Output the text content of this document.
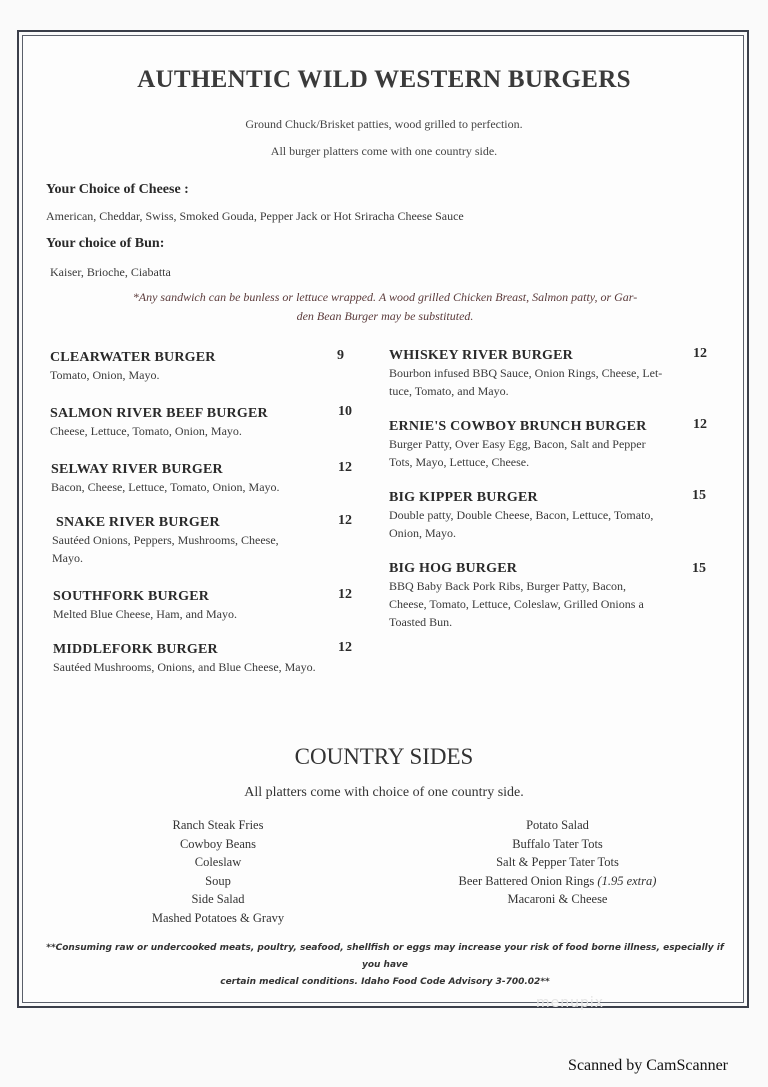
AUTHENTIC WILD WESTERN BURGERS
Ground Chuck/Brisket patties, wood grilled to perfection.
All burger platters come with one country side.
Your Choice of Cheese :
American, Cheddar, Swiss, Smoked Gouda, Pepper Jack or Hot Sriracha Cheese Sauce
Your choice of Bun:
Kaiser, Brioche, Ciabatta
*Any sandwich can be bunless or lettuce wrapped. A wood grilled Chicken Breast, Salmon patty, or Gar-
den Bean Burger may be substituted.
CLEARWATER BURGER	9
Tomato, Onion, Mayo.
SALMON RIVER BEEF BURGER	10
Cheese, Lettuce, Tomato, Onion, Mayo.
SELWAY RIVER BURGER	12
Bacon, Cheese, Lettuce, Tomato, Onion, Mayo.
SNAKE RIVER BURGER	12
Sautéed Onions, Peppers, Mushrooms, Cheese,
Mayo.
SOUTHFORK BURGER	12
Melted Blue Cheese, Ham, and Mayo.
MIDDLEFORK BURGER	12
Sautéed Mushrooms, Onions, and Blue Cheese, Mayo.
WHISKEY RIVER BURGER	12
Bourbon infused BBQ Sauce, Onion Rings, Cheese, Let-
tuce, Tomato, and Mayo.
ERNIE'S COWBOY BRUNCH BURGER	12
Burger Patty, Over Easy Egg, Bacon, Salt and Pepper
Tots, Mayo, Lettuce, Cheese.
BIG KIPPER BURGER	15
Double patty, Double Cheese, Bacon, Lettuce, Tomato,
Onion, Mayo.
BIG HOG BURGER	15
BBQ Baby Back Pork Ribs, Burger Patty, Bacon,
Cheese, Tomato, Lettuce, Coleslaw, Grilled Onions a
Toasted Bun.
COUNTRY SIDES
All platters come with choice of one country side.
Ranch Steak Fries
Cowboy Beans
Coleslaw
Soup
Side Salad
Mashed Potatoes & Gravy
Potato Salad
Buffalo Tater Tots
Salt & Pepper Tater Tots
Beer Battered Onion Rings (1.95 extra)
Macaroni & Cheese
**Consuming raw or undercooked meats, poultry, seafood, shellfish or eggs may increase your risk of food borne illness, especially if you have
certain medical conditions. Idaho Food Code Advisory 3-700.02**
menupix
Scanned by CamScanner
